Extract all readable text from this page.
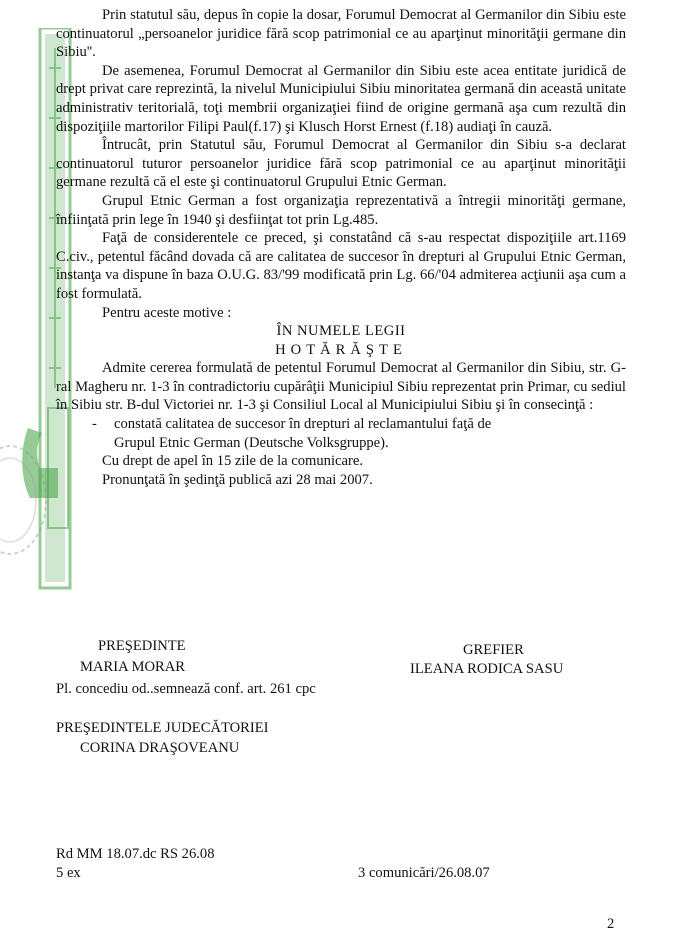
Prin statutul său, depus în copie la dosar, Forumul Democrat al Germanilor din Sibiu este continuatorul „persoanelor juridice fără scop patrimonial ce au aparţinut minorităţii germane din Sibiu''.

De asemenea, Forumul Democrat al Germanilor din Sibiu este acea entitate juridică de drept privat care reprezintă, la nivelul Municipiului Sibiu minoritatea germană din această unitate administrativ teritorială, toţi membrii organizaţiei fiind de origine germană aşa cum rezultă din dispoziţiile martorilor Filipi Paul(f.17) şi Klusch Horst Ernest (f.18) audiaţi în cauză.

Întrucât, prin Statutul său, Forumul Democrat al Germanilor din Sibiu s-a declarat continuatorul tuturor persoanelor juridice fără scop patrimonial ce au aparţinut minorităţii germane rezultă că el este şi continuatorul Grupului Etnic German.

Grupul Etnic German a fost organizaţia reprezentativă a întregii minorităţi germane, înfiinţată prin lege în 1940 şi desfiinţat tot prin Lg.485.

Faţă de considerentele ce preced, şi constatând că s-au respectat dispoziţiile art.1169 C.civ., petentul făcând dovada că are calitatea de succesor în drepturi al Grupului Etnic German, instanţa va dispune în baza O.U.G. 83/'99 modificată prin Lg. 66/'04 admiterea acţiunii aşa cum a fost formulată.

Pentru aceste motive :

ÎN NUMELE LEGII

HOTĂRĂŞTE

Admite cererea formulată de petentul Forumul Democrat al Germanilor din Sibiu, str. G-ral Magheru nr. 1-3 în contradictoriu cupărâţii Municipiul Sibiu reprezentat prin Primar, cu sediul în Sibiu str. B-dul Victoriei nr. 1-3 şi Consiliul Local al Municipiului Sibiu şi în consecinţă :

- constată calitatea de succesor în drepturi al reclamantului faţă de

Grupul Etnic German (Deutsche Volksgruppe).

Cu drept de apel în 15 zile de la comunicare.

Pronunţată în şedinţă publică azi 28 mai 2007.

PREŞEDINTE
MARIA MORAR
GREFIER
ILEANA RODICA SASU
Pl. concediu od..semnează conf. art. 261 cpc
PREŞEDINTELE JUDECĂTORIEI
CORINA DRAŞOVEANU
Rd MM 18.07.dc RS 26.08
5 ex	3 comunicări/26.08.07
2
